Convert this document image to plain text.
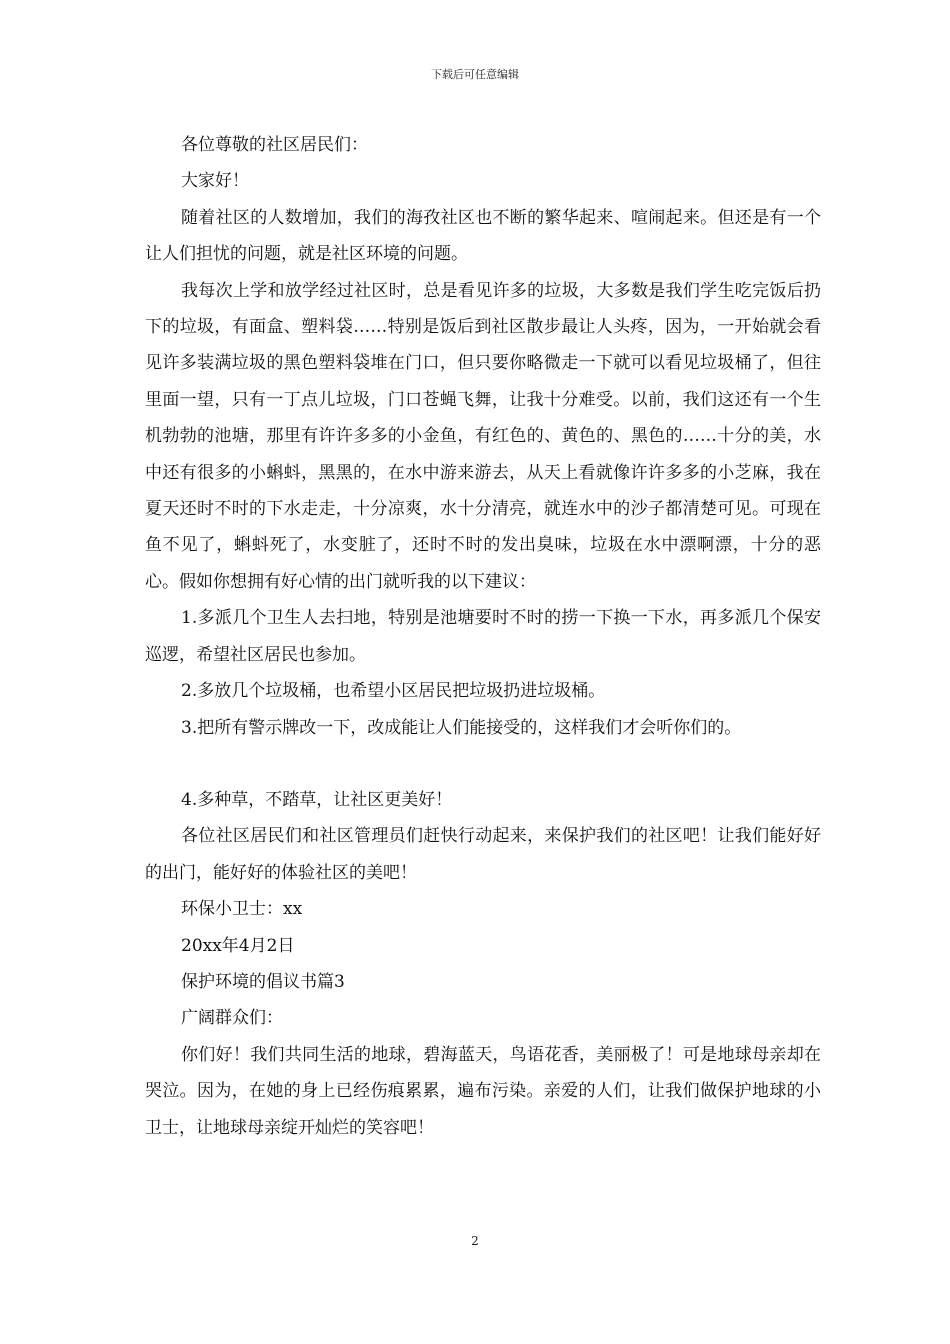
下载后可任意编辑

各位尊敬的社区居民们：

大家好！

随着社区的人数增加，我们的海孜社区也不断的繁华起来、喧闹起来。但还是有一个让人们担忧的问题，就是社区环境的问题。

我每次上学和放学经过社区时，总是看见许多的垃圾，大多数是我们学生吃完饭后扔下的垃圾，有面盒、塑料袋……特别是饭后到社区散步最让人头疼，因为，一开始就会看见许多装满垃圾的黑色塑料袋堆在门口，但只要你略微走一下就可以看见垃圾桶了，但往里面一望，只有一丁点儿垃圾，门口苍蝇飞舞，让我十分难受。以前，我们这还有一个生机勃勃的池塘，那里有许许多多的小金鱼，有红色的、黄色的、黑色的……十分的美，水中还有很多的小蝌蚪，黑黑的，在水中游来游去，从天上看就像许许多多的小芝麻，我在夏天还时不时的下水走走，十分凉爽，水十分清亮，就连水中的沙子都清楚可见。可现在鱼不见了，蝌蚪死了，水变脏了，还时不时的发出臭味，垃圾在水中漂啊漂，十分的恶心。假如你想拥有好心情的出门就听我的以下建议：

1.多派几个卫生人去扫地，特别是池塘要时不时的捞一下换一下水，再多派几个保安巡逻，希望社区居民也参加。

2.多放几个垃圾桶，也希望小区居民把垃圾扔进垃圾桶。

3.把所有警示牌改一下，改成能让人们能接受的，这样我们才会听你们的。

4.多种草，不踏草，让社区更美好！

各位社区居民们和社区管理员们赶快行动起来，来保护我们的社区吧！让我们能好好的出门，能好好的体验社区的美吧！

环保小卫士：xx

20xx年4月2日

保护环境的倡议书篇3

广阔群众们：

你们好！我们共同生活的地球，碧海蓝天，鸟语花香，美丽极了！可是地球母亲却在哭泣。因为，在她的身上已经伤痕累累，遍布污染。亲爱的人们，让我们做保护地球的小卫士，让地球母亲绽开灿烂的笑容吧！

2
